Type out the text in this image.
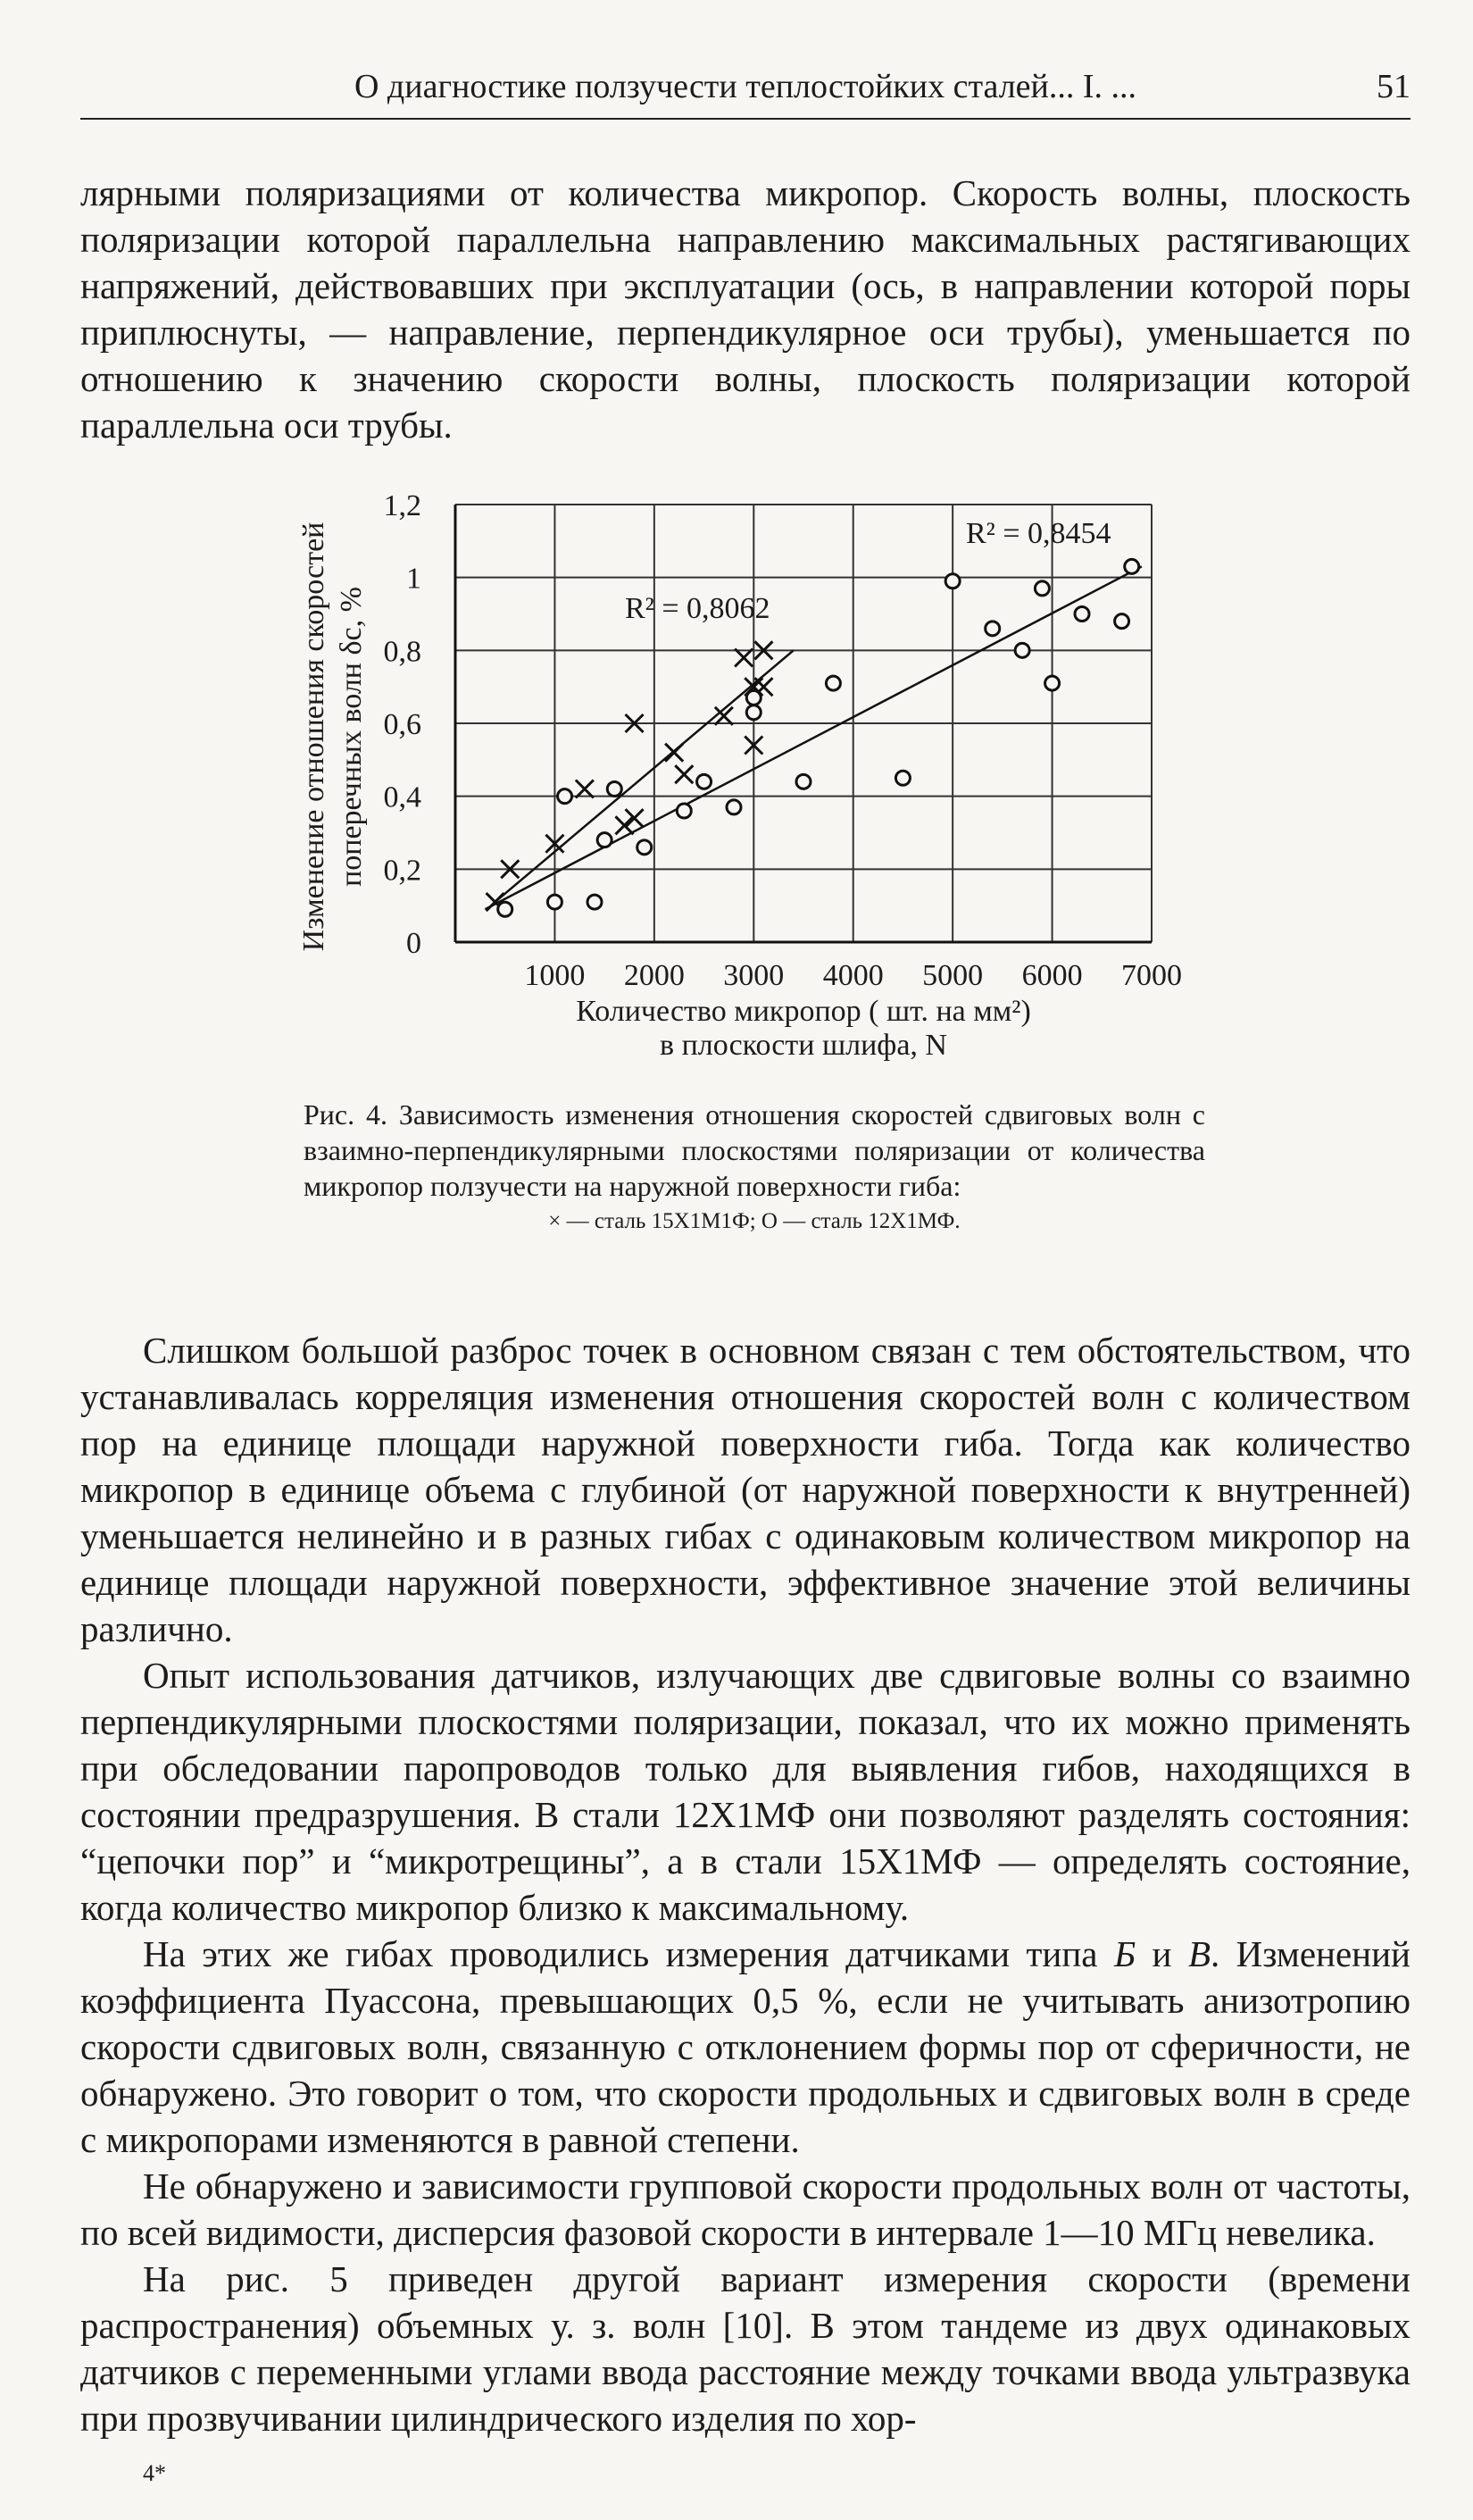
О диагностике ползучести теплостойких сталей... I. ...	51

лярными поляризациями от количества микропор. Скорость волны, плоскость поляризации которой параллельна направлению максимальных растягивающих напряжений, действовавших при эксплуатации (ось, в направлении которой поры приплюснуты, — направление, перпендикулярное оси трубы), уменьшается по отношению к значению скорости волны, плоскость поляризации которой параллельна оси трубы.

1000 2000 3000 4000 5000 6000 7000
0
0,2
0,4
0,6
0,8
1
1,2
R² = 0,8062
R² = 0,8454
Количество микропор ( шт. на мм²)
в плоскости шлифа, N
Изменение отношения скоростей поперечных волн δс, %
Рис. 4. Зависимость изменения отношения скоростей сдвиговых волн с взаимно-перпендикулярными плоскостями поляризации от количества микропор ползучести на наружной поверхности гиба:
× — сталь 15Х1М1Ф; O — сталь 12Х1МФ.

Слишком большой разброс точек в основном связан с тем обстоятельством, что устанавливалась корреляция изменения отношения скоростей волн с количеством пор на единице площади наружной поверхности гиба. Тогда как количество микропор в единице объема с глубиной (от наружной поверхности к внутренней) уменьшается нелинейно и в разных гибах с одинаковым количеством микропор на единице площади наружной поверхности, эффективное значение этой величины различно.

Опыт использования датчиков, излучающих две сдвиговые волны со взаимно перпендикулярными плоскостями поляризации, показал, что их можно применять при обследовании паропроводов только для выявления гибов, находящихся в состоянии предразрушения. В стали 12Х1МФ они позволяют разделять состояния: “цепочки пор” и “микротрещины”, а в стали 15Х1МФ — определять состояние, когда количество микропор близко к максимальному.

На этих же гибах проводились измерения датчиками типа Б и В. Изменений коэффициента Пуассона, превышающих 0,5 %, если не учитывать анизотропию скорости сдвиговых волн, связанную с отклонением формы пор от сферичности, не обнаружено. Это говорит о том, что скорости продольных и сдвиговых волн в среде с микропорами изменяются в равной степени.

Не обнаружено и зависимости групповой скорости продольных волн от частоты, по всей видимости, дисперсия фазовой скорости в интервале 1—10 МГц невелика.

На рис. 5 приведен другой вариант измерения скорости (времени распространения) объемных у. з. волн [10]. В этом тандеме из двух одинаковых датчиков с переменными углами ввода расстояние между точками ввода ультразвука при прозвучивании цилиндрического изделия по хор-

4*
